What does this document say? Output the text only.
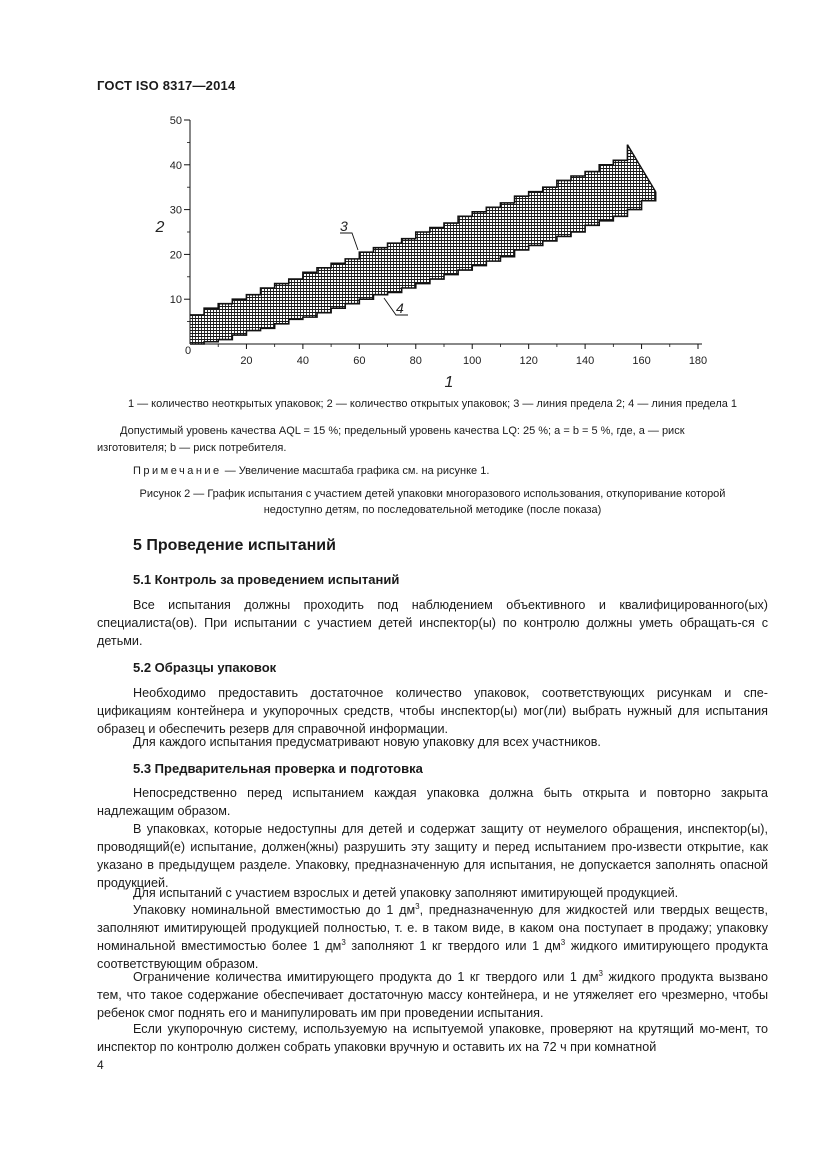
ГОСТ ISO 8317—2014
0
20	40	60	80	100	120	140	160	180
10
20
30
40
50
1
2	3
4
1 — количество неоткрытых упаковок; 2 — количество открытых упаковок; 3 — линия предела 2; 4 — линия предела 1
Допустимый уровень качества AQL = 15 %; предельный уровень качества LQ: 25 %; a = b = 5 %, где, a — риск
изготовителя; b — риск потребителя.
Примечание — Увеличение масштаба графика см. на рисунке 1.
Рисунок 2 — График испытания с участием детей упаковки многоразового использования, откупоривание которой
недоступно детям, по последовательной методике (после показа)
5 Проведение испытаний
5.1 Контроль за проведением испытаний

Все испытания должны проходить под наблюдением объективного и квалифицированного(ых) специалиста(ов). При испытании с участием детей инспектор(ы) по контролю должны уметь обращать-ся с детьми.

5.2 Образцы упаковок

Необходимо предоставить достаточное количество упаковок, соответствующих рисункам и спе-цификациям контейнера и укупорочных средств, чтобы инспектор(ы) мог(ли) выбрать нужный для испытания образец и обеспечить резерв для справочной информации.

Для каждого испытания предусматривают новую упаковку для всех участников.

5.3 Предварительная проверка и подготовка

Непосредственно перед испытанием каждая упаковка должна быть открыта и повторно закрыта надлежащим образом.

В упаковках, которые недоступны для детей и содержат защиту от неумелого обращения, инспектор(ы), проводящий(е) испытание, должен(жны) разрушить эту защиту и перед испытанием про-извести открытие, как указано в предыдущем разделе. Упаковку, предназначенную для испытания, не допускается заполнять опасной продукцией.

Для испытаний с участием взрослых и детей упаковку заполняют имитирующей продукцией.

Упаковку номинальной вместимостью до 1 $дм^3$, предназначенную для жидкостей или твердых веществ, заполняют имитирующей продукцией полностью, т. е. в таком виде, в каком она поступает в продажу; упаковку номинальной вместимостью более 1 $дм^3$ заполняют 1 кг твердого или 1 $дм^3$ жидкого имитирующего продукта соответствующим образом.

Ограничение количества имитирующего продукта до 1 кг твердого или 1 $дм^3$ жидкого продукта вызвано тем, что такое содержание обеспечивает достаточную массу контейнера, и не утяжеляет его чрезмерно, чтобы ребенок смог поднять его и манипулировать им при проведении испытания.

Если укупорочную систему, используемую на испытуемой упаковке, проверяют на крутящий мо-мент, то инспектор по контролю должен собрать упаковки вручную и оставить их на 72 ч при комнатной

4
